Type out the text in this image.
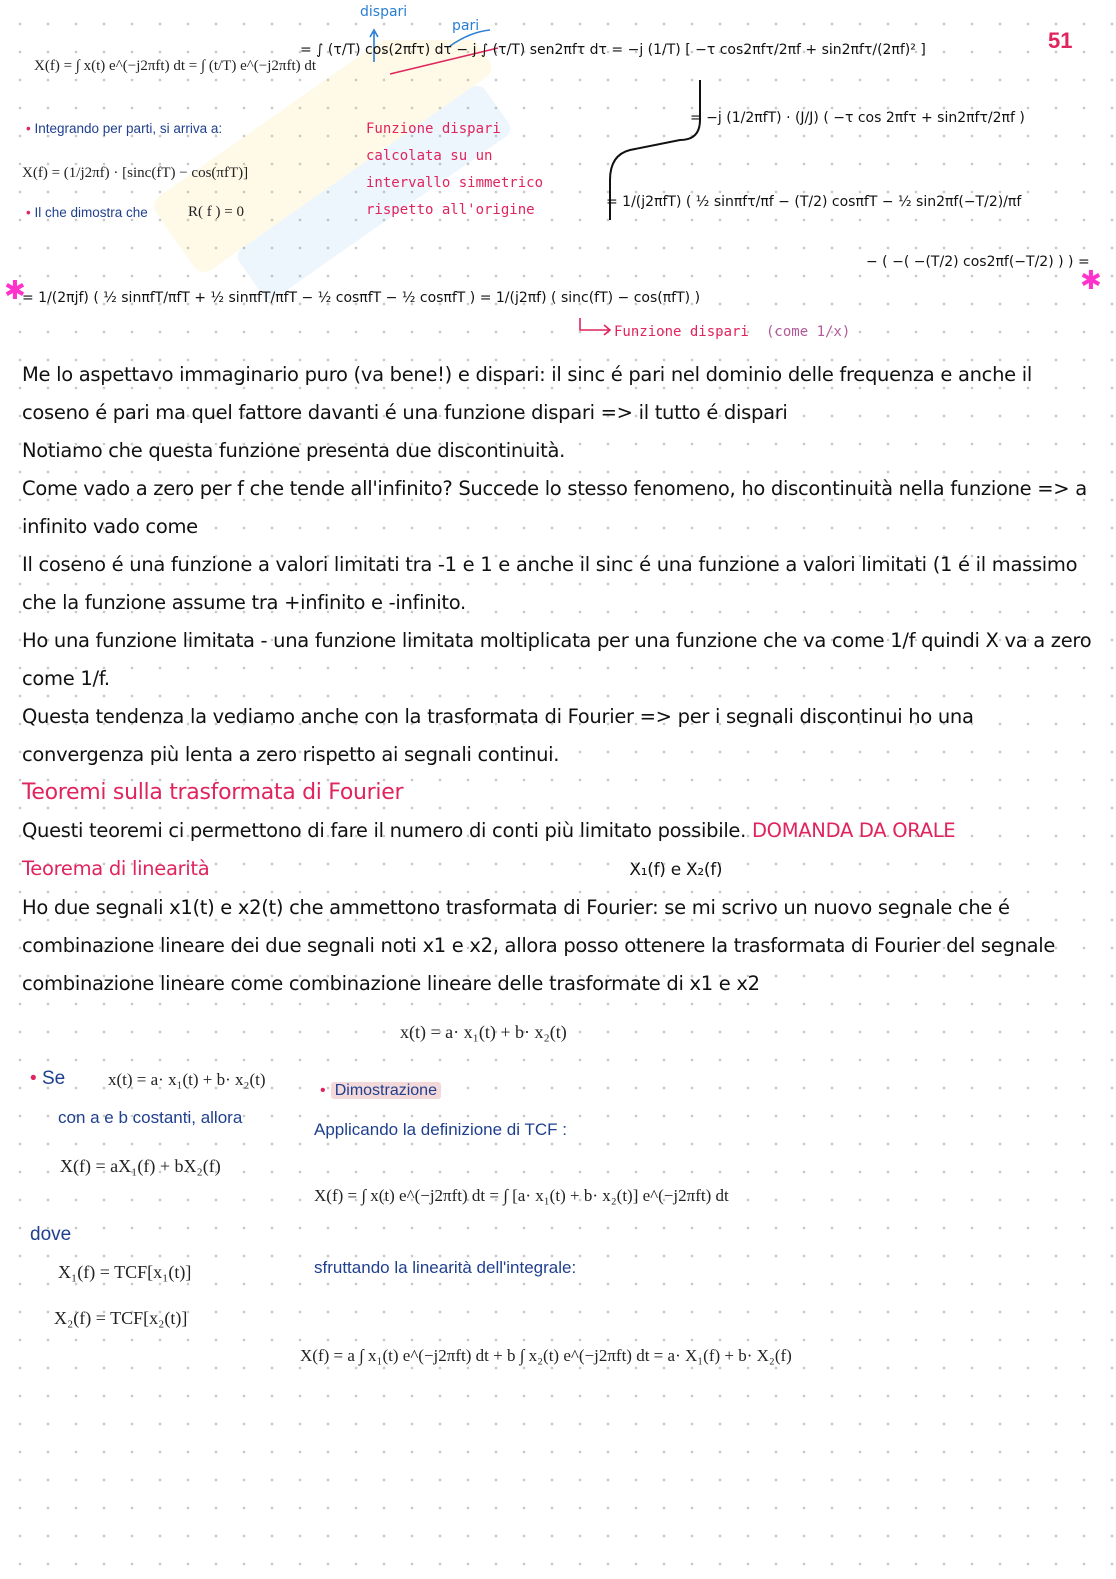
51
X(f) = ∫ x(t) e^(−j2πft) dt = ∫ (t/T) e^(−j2πft) dt
• Integrando per parti, si arriva a:
X(f) = (1/j2πf) · [sinc(fT) − cos(πfT)]
• Il che dimostra che	R( f ) = 0
dispari
pari
= ∫ (τ/T) cos(2πfτ) dτ − j ∫ (τ/T) sen2πfτ dτ = −j (1/T) [ −τ cos2πfτ/2πf + sin2πfτ/(2πf)² ]
Funzione dispari
calcolata su un
intervallo simmetrico
rispetto all'origine
= −j (1/2πfT) · (J/J) ( −τ cos 2πfτ + sin2πfτ/2πf )
= 1/(j2πfT) ( ½ sinπfτ/πf − (T/2) cosπfT − ½ sin2πf(−T/2)/πf
− ( −( −(T/2) cos2πf(−T/2) ) ) =
✱	✱
= 1/(2πjf) ( ½ sinπfT/πfT + ½ sinπfT/πfT − ½ cosπfT − ½ cosπfT ) = 1/(j2πf) ( sinc(fT) − cos(πfT) )
Funzione dispari (come 1/x)

Me lo aspettavo immaginario puro (va bene!) e dispari: il sinc é pari nel dominio delle frequenza e anche il coseno é pari ma quel fattore davanti é una funzione dispari => il tutto é dispari

Notiamo che questa funzione presenta due discontinuità.

Come vado a zero per f che tende all'infinito? Succede lo stesso fenomeno, ho discontinuità nella funzione => a infinito vado come

Il coseno é una funzione a valori limitati tra -1 e 1 e anche il sinc é una funzione a valori limitati (1 é il massimo che la funzione assume tra +infinito e -infinito.

Ho una funzione limitata - una funzione limitata moltiplicata per una funzione che va come 1/f quindi X va a zero come 1/f.

Questa tendenza la vediamo anche con la trasformata di Fourier => per i segnali discontinui ho una convergenza più lenta a zero rispetto ai segnali continui.

Teoremi sulla trasformata di Fourier

Questi teoremi ci permettono di fare il numero di conti più limitato possibile. DOMANDA DA ORALE

Teorema di linearità	X₁(f) e X₂(f)

Ho due segnali x1(t) e x2(t) che ammettono trasformata di Fourier: se mi scrivo un nuovo segnale che é combinazione lineare dei due segnali noti x1 e x2, allora posso ottenere la trasformata di Fourier del segnale combinazione lineare come combinazione lineare delle trasformate di x1 e x2

x(t) = a· x₁(t) + b· x₂(t)
• Se	x(t) = a· x₁(t) + b· x₂(t)
con a e b costanti, allora
X(f) = aX₁(f) + bX₂(f)
dove
X₁(f) = TCF[x₁(t)]
X₂(f) = TCF[x₂(t)]
• Dimostrazione
Applicando la definizione di TCF :
X(f) = ∫ x(t) e^(−j2πft) dt = ∫ [a· x₁(t) + b· x₂(t)] e^(−j2πft) dt
sfruttando la linearità dell'integrale:
X(f) = a ∫ x₁(t) e^(−j2πft) dt + b ∫ x₂(t) e^(−j2πft) dt = a· X₁(f) + b· X₂(f)
